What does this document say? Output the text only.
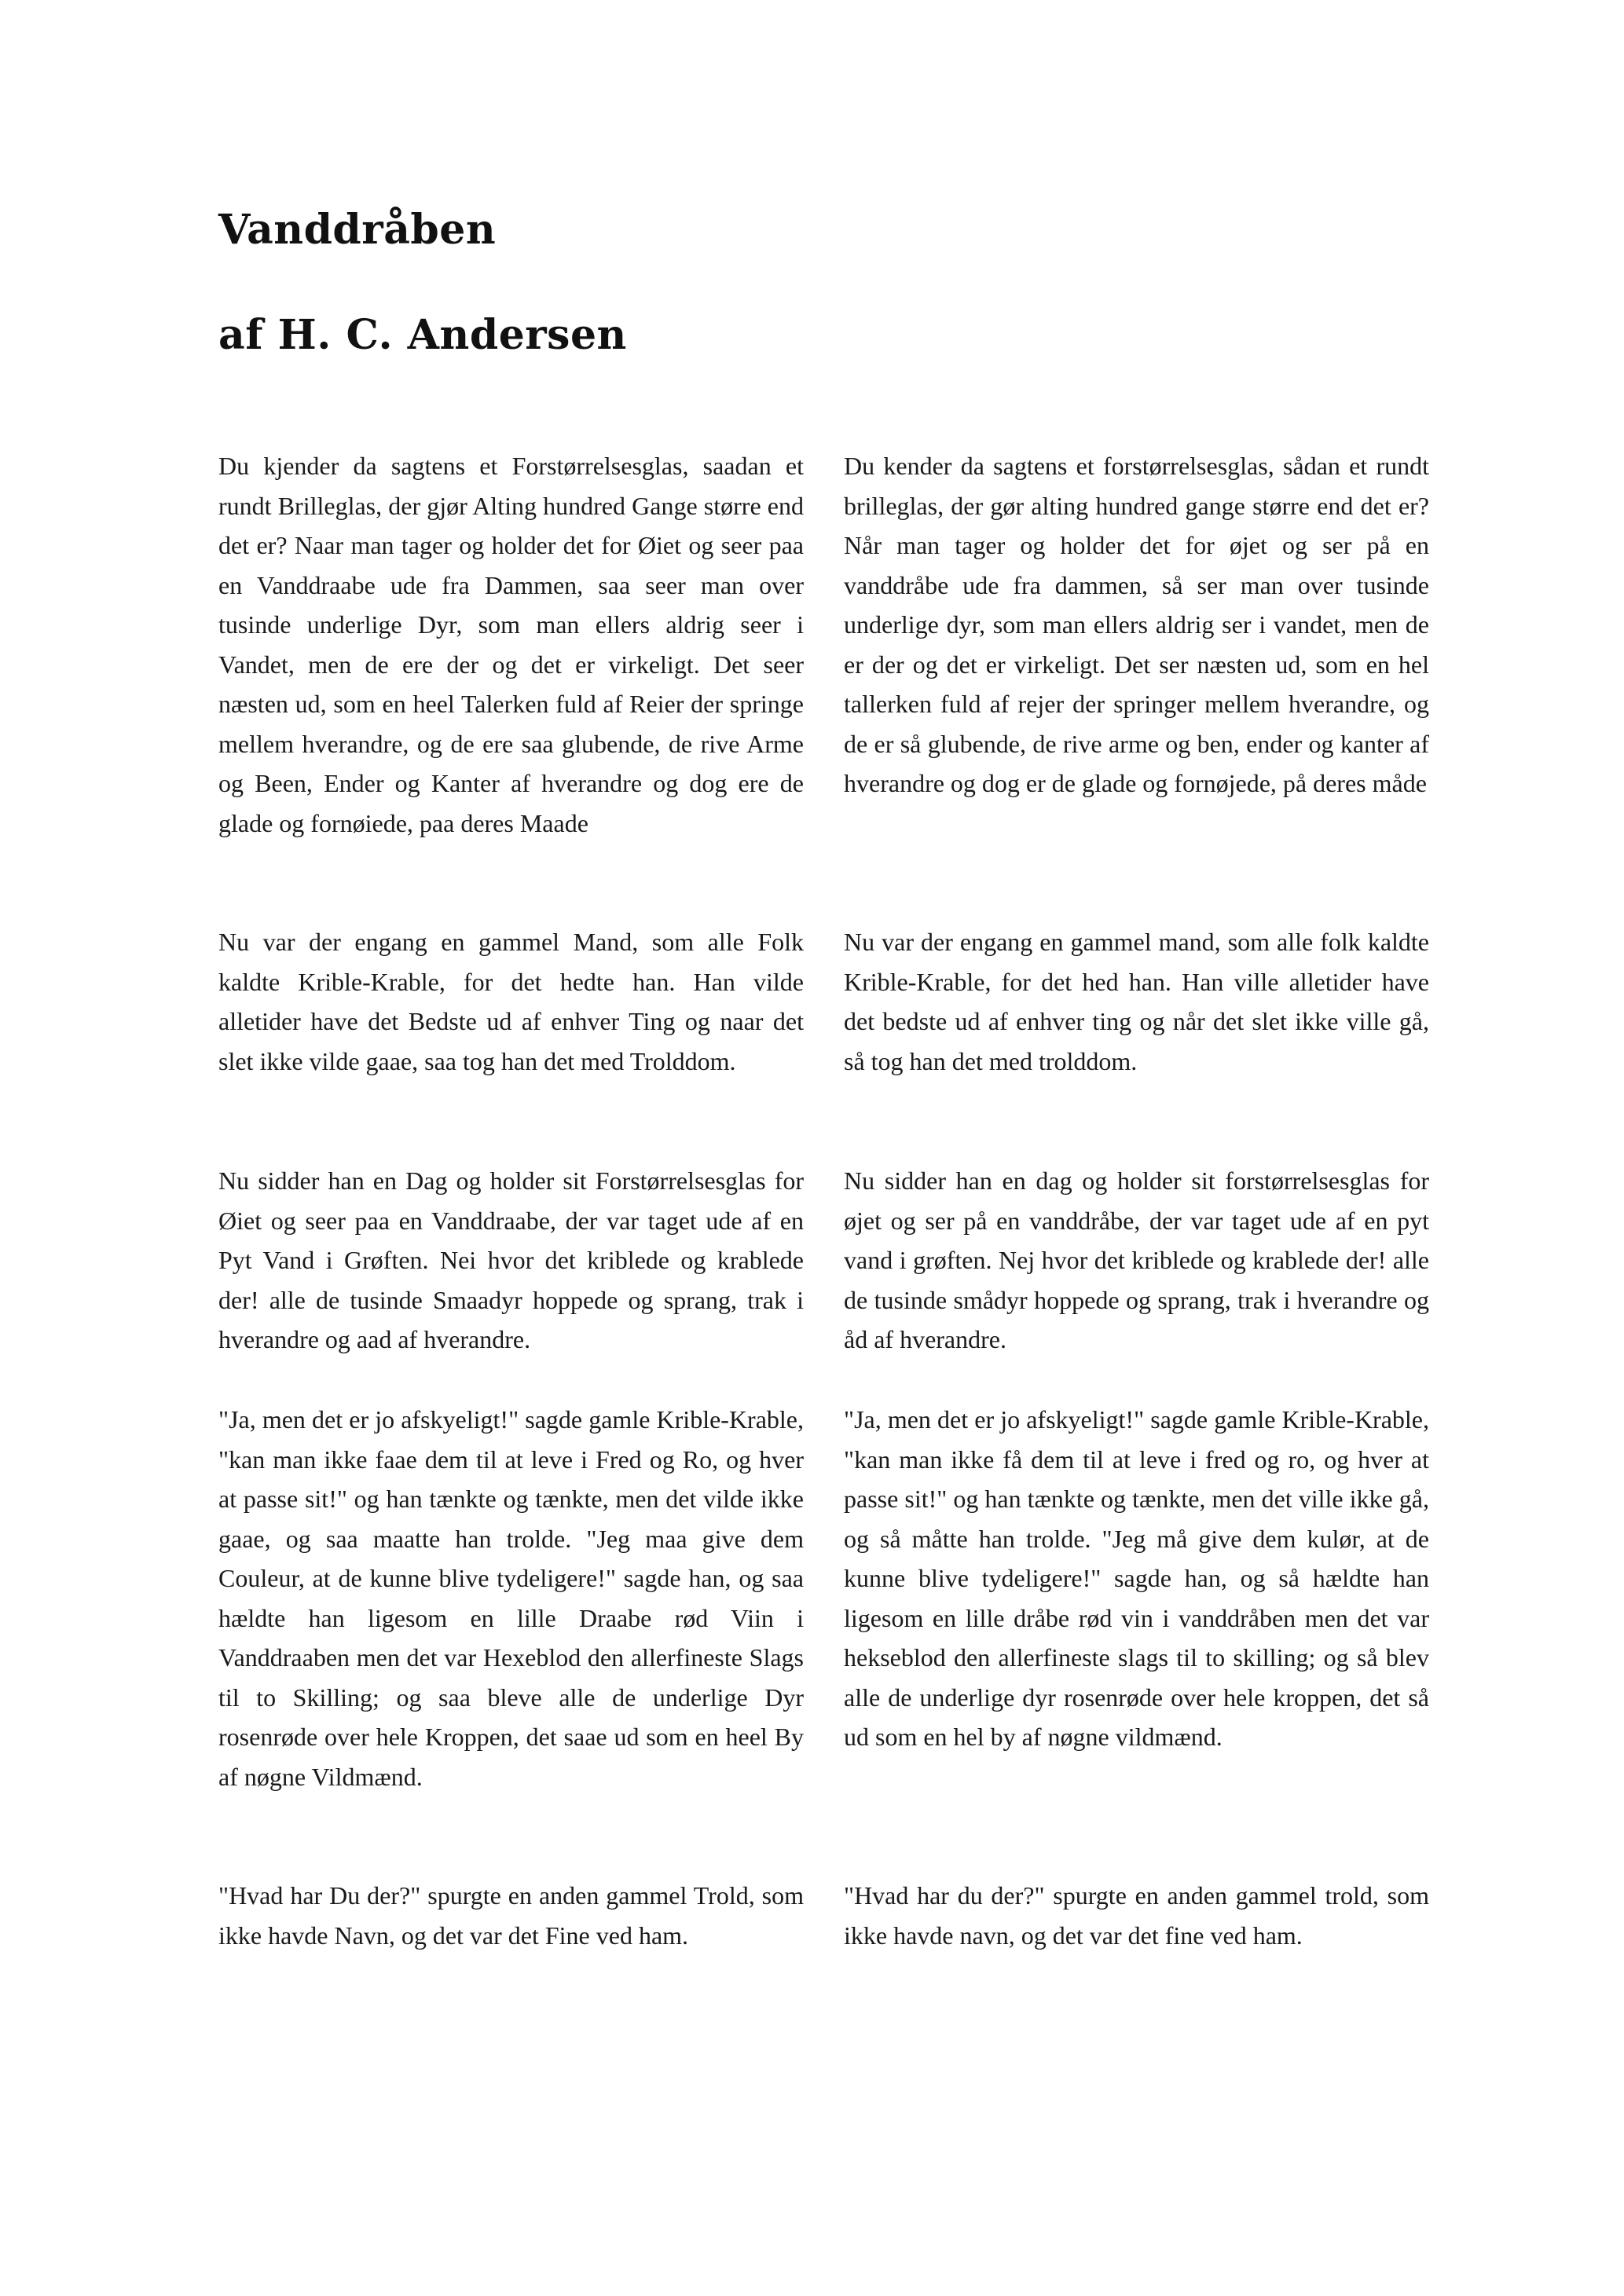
Vanddråben
af H. C. Andersen

Du kjender da sagtens et Forstørrelsesglas, saadan et rundt Brilleglas, der gjør Alting hundred Gange større end det er? Naar man tager og holder det for Øiet og seer paa en Vanddraabe ude fra Dammen, saa seer man over tusinde underlige Dyr, som man ellers aldrig seer i Vandet, men de ere der og det er virkeligt. Det seer næsten ud, som en heel Talerken fuld af Reier der springe mellem hverandre, og de ere saa glubende, de rive Arme og Been, Ender og Kanter af hverandre og dog ere de glade og fornøiede, paa deres Maade

Nu var der engang en gammel Mand, som alle Folk kaldte Krible-Krable, for det hedte han. Han vilde alletider have det Bedste ud af enhver Ting og naar det slet ikke vilde gaae, saa tog han det med Trolddom.

Nu sidder han en Dag og holder sit Forstørrelsesglas for Øiet og seer paa en Vanddraabe, der var taget ude af en Pyt Vand i Grøften. Nei hvor det kriblede og krablede der! alle de tusinde Smaadyr hoppede og sprang, trak i hverandre og aad af hverandre.

"Ja, men det er jo afskyeligt!" sagde gamle Krible-Krable, "kan man ikke faae dem til at leve i Fred og Ro, og hver at passe sit!" og han tænkte og tænkte, men det vilde ikke gaae, og saa maatte han trolde. "Jeg maa give dem Couleur, at de kunne blive tydeligere!" sagde han, og saa hældte han ligesom en lille Draabe rød Viin i Vanddraaben men det var Hexeblod den allerfineste Slags til to Skilling; og saa bleve alle de underlige Dyr rosenrøde over hele Kroppen, det saae ud som en heel By af nøgne Vildmænd.

"Hvad har Du der?" spurgte en anden gammel Trold, som ikke havde Navn, og det var det Fine ved ham.

Du kender da sagtens et forstørrelsesglas, sådan et rundt brilleglas, der gør alting hundred gange større end det er? Når man tager og holder det for øjet og ser på en vanddråbe ude fra dammen, så ser man over tusinde underlige dyr, som man ellers aldrig ser i vandet, men de er der og det er virkeligt. Det ser næsten ud, som en hel tallerken fuld af rejer der springer mellem hverandre, og de er så glubende, de rive arme og ben, ender og kanter af hverandre og dog er de glade og fornøjede, på deres måde

Nu var der engang en gammel mand, som alle folk kaldte Krible-Krable, for det hed han. Han ville alletider have det bedste ud af enhver ting og når det slet ikke ville gå, så tog han det med trolddom.

Nu sidder han en dag og holder sit forstørrelsesglas for øjet og ser på en vanddråbe, der var taget ude af en pyt vand i grøften. Nej hvor det kriblede og krablede der! alle de tusinde smådyr hoppede og sprang, trak i hverandre og åd af hverandre.

"Ja, men det er jo afskyeligt!" sagde gamle Krible-Krable, "kan man ikke få dem til at leve i fred og ro, og hver at passe sit!" og han tænkte og tænkte, men det ville ikke gå, og så måtte han trolde. "Jeg må give dem kulør, at de kunne blive tydeligere!" sagde han, og så hældte han ligesom en lille dråbe rød vin i vanddråben men det var hekseblod den allerfineste slags til to skilling; og så blev alle de underlige dyr rosenrøde over hele kroppen, det så ud som en hel by af nøgne vildmænd.

"Hvad har du der?" spurgte en anden gammel trold, som ikke havde navn, og det var det fine ved ham.
